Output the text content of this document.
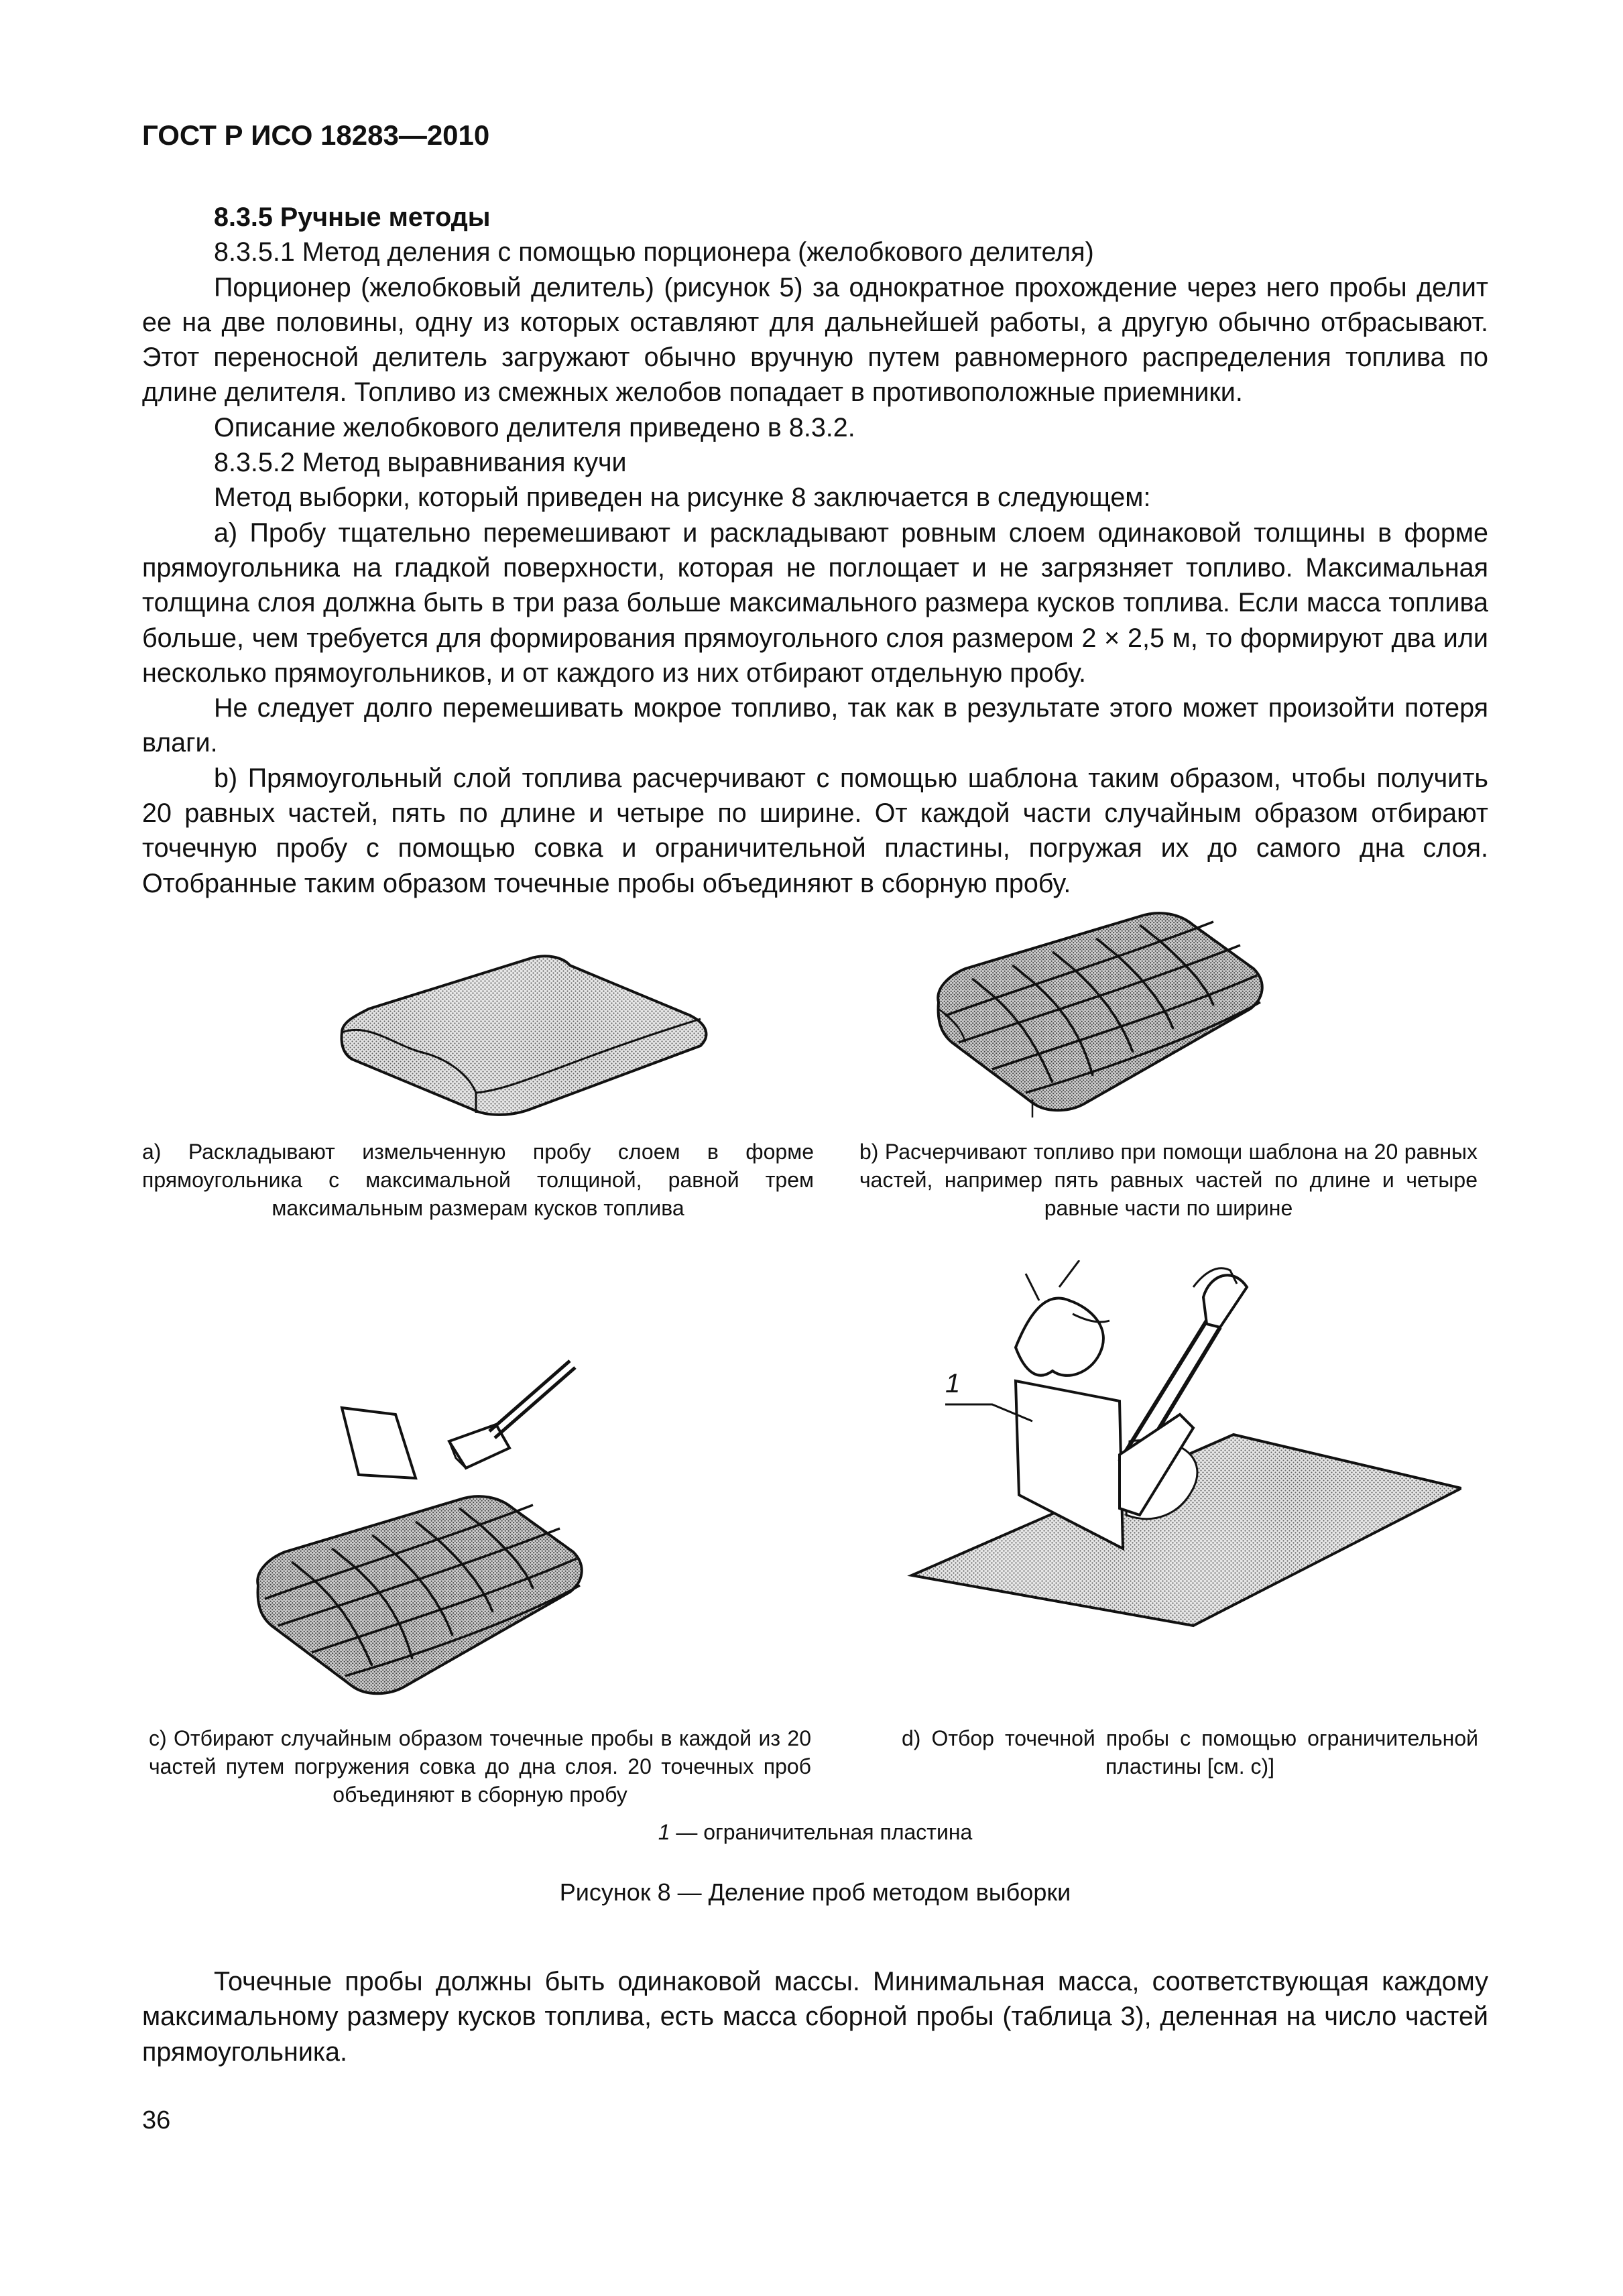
ГОСТ Р ИСО 18283—2010

8.3.5 Ручные методы

8.3.5.1 Метод деления с помощью порционера (желобкового делителя)

Порционер (желобковый делитель) (рисунок 5) за однократное прохождение через него пробы делит ее на две половины, одну из которых оставляют для дальнейшей работы, а другую обычно отбрасывают. Этот переносной делитель загружают обычно вручную путем равномерного распределения топлива по длине делителя. Топливо из смежных желобов попадает в противоположные приемники.

Описание желобкового делителя приведено в 8.3.2.

8.3.5.2 Метод выравнивания кучи

Метод выборки, который приведен на рисунке 8 заключается в следующем:

а) Пробу тщательно перемешивают и раскладывают ровным слоем одинаковой толщины в форме прямоугольника на гладкой поверхности, которая не поглощает и не загрязняет топливо. Максимальная толщина слоя должна быть в три раза больше максимального размера кусков топлива. Если масса топлива больше, чем требуется для формирования прямоугольного слоя размером 2 × 2,5 м, то формируют два или несколько прямоугольников, и от каждого из них отбирают отдельную пробу.

Не следует долго перемешивать мокрое топливо, так как в результате этого может произойти потеря влаги.

b) Прямоугольный слой топлива расчерчивают с помощью шаблона таким образом, чтобы получить 20 равных частей, пять по длине и четыре по ширине. От каждой части случайным образом отбирают точечную пробу с помощью совка и ограничительной пластины, погружая их до самого дна слоя. Отобранные таким образом точечные пробы объединяют в сборную пробу.

а) Раскладывают измельченную пробу слоем в форме прямоугольника с максимальной толщиной, равной трем максимальным размерам кусков топлива
b) Расчерчивают топливо при помощи шаблона на 20 равных частей, например пять равных частей по длине и четыре равные части по ширине
1
с) Отбирают случайным образом точечные пробы в каждой из 20 частей путем погружения совка до дна слоя. 20 точечных проб объединяют в сборную пробу
d) Отбор точечной пробы с помощью ограничительной пластины [см. с)]
1 — ограничительная пластина
Рисунок 8 — Деление проб методом выборки

Точечные пробы должны быть одинаковой массы. Минимальная масса, соответствующая каждому максимальному размеру кусков топлива, есть масса сборной пробы (таблица 3), деленная на число частей прямоугольника.

36
